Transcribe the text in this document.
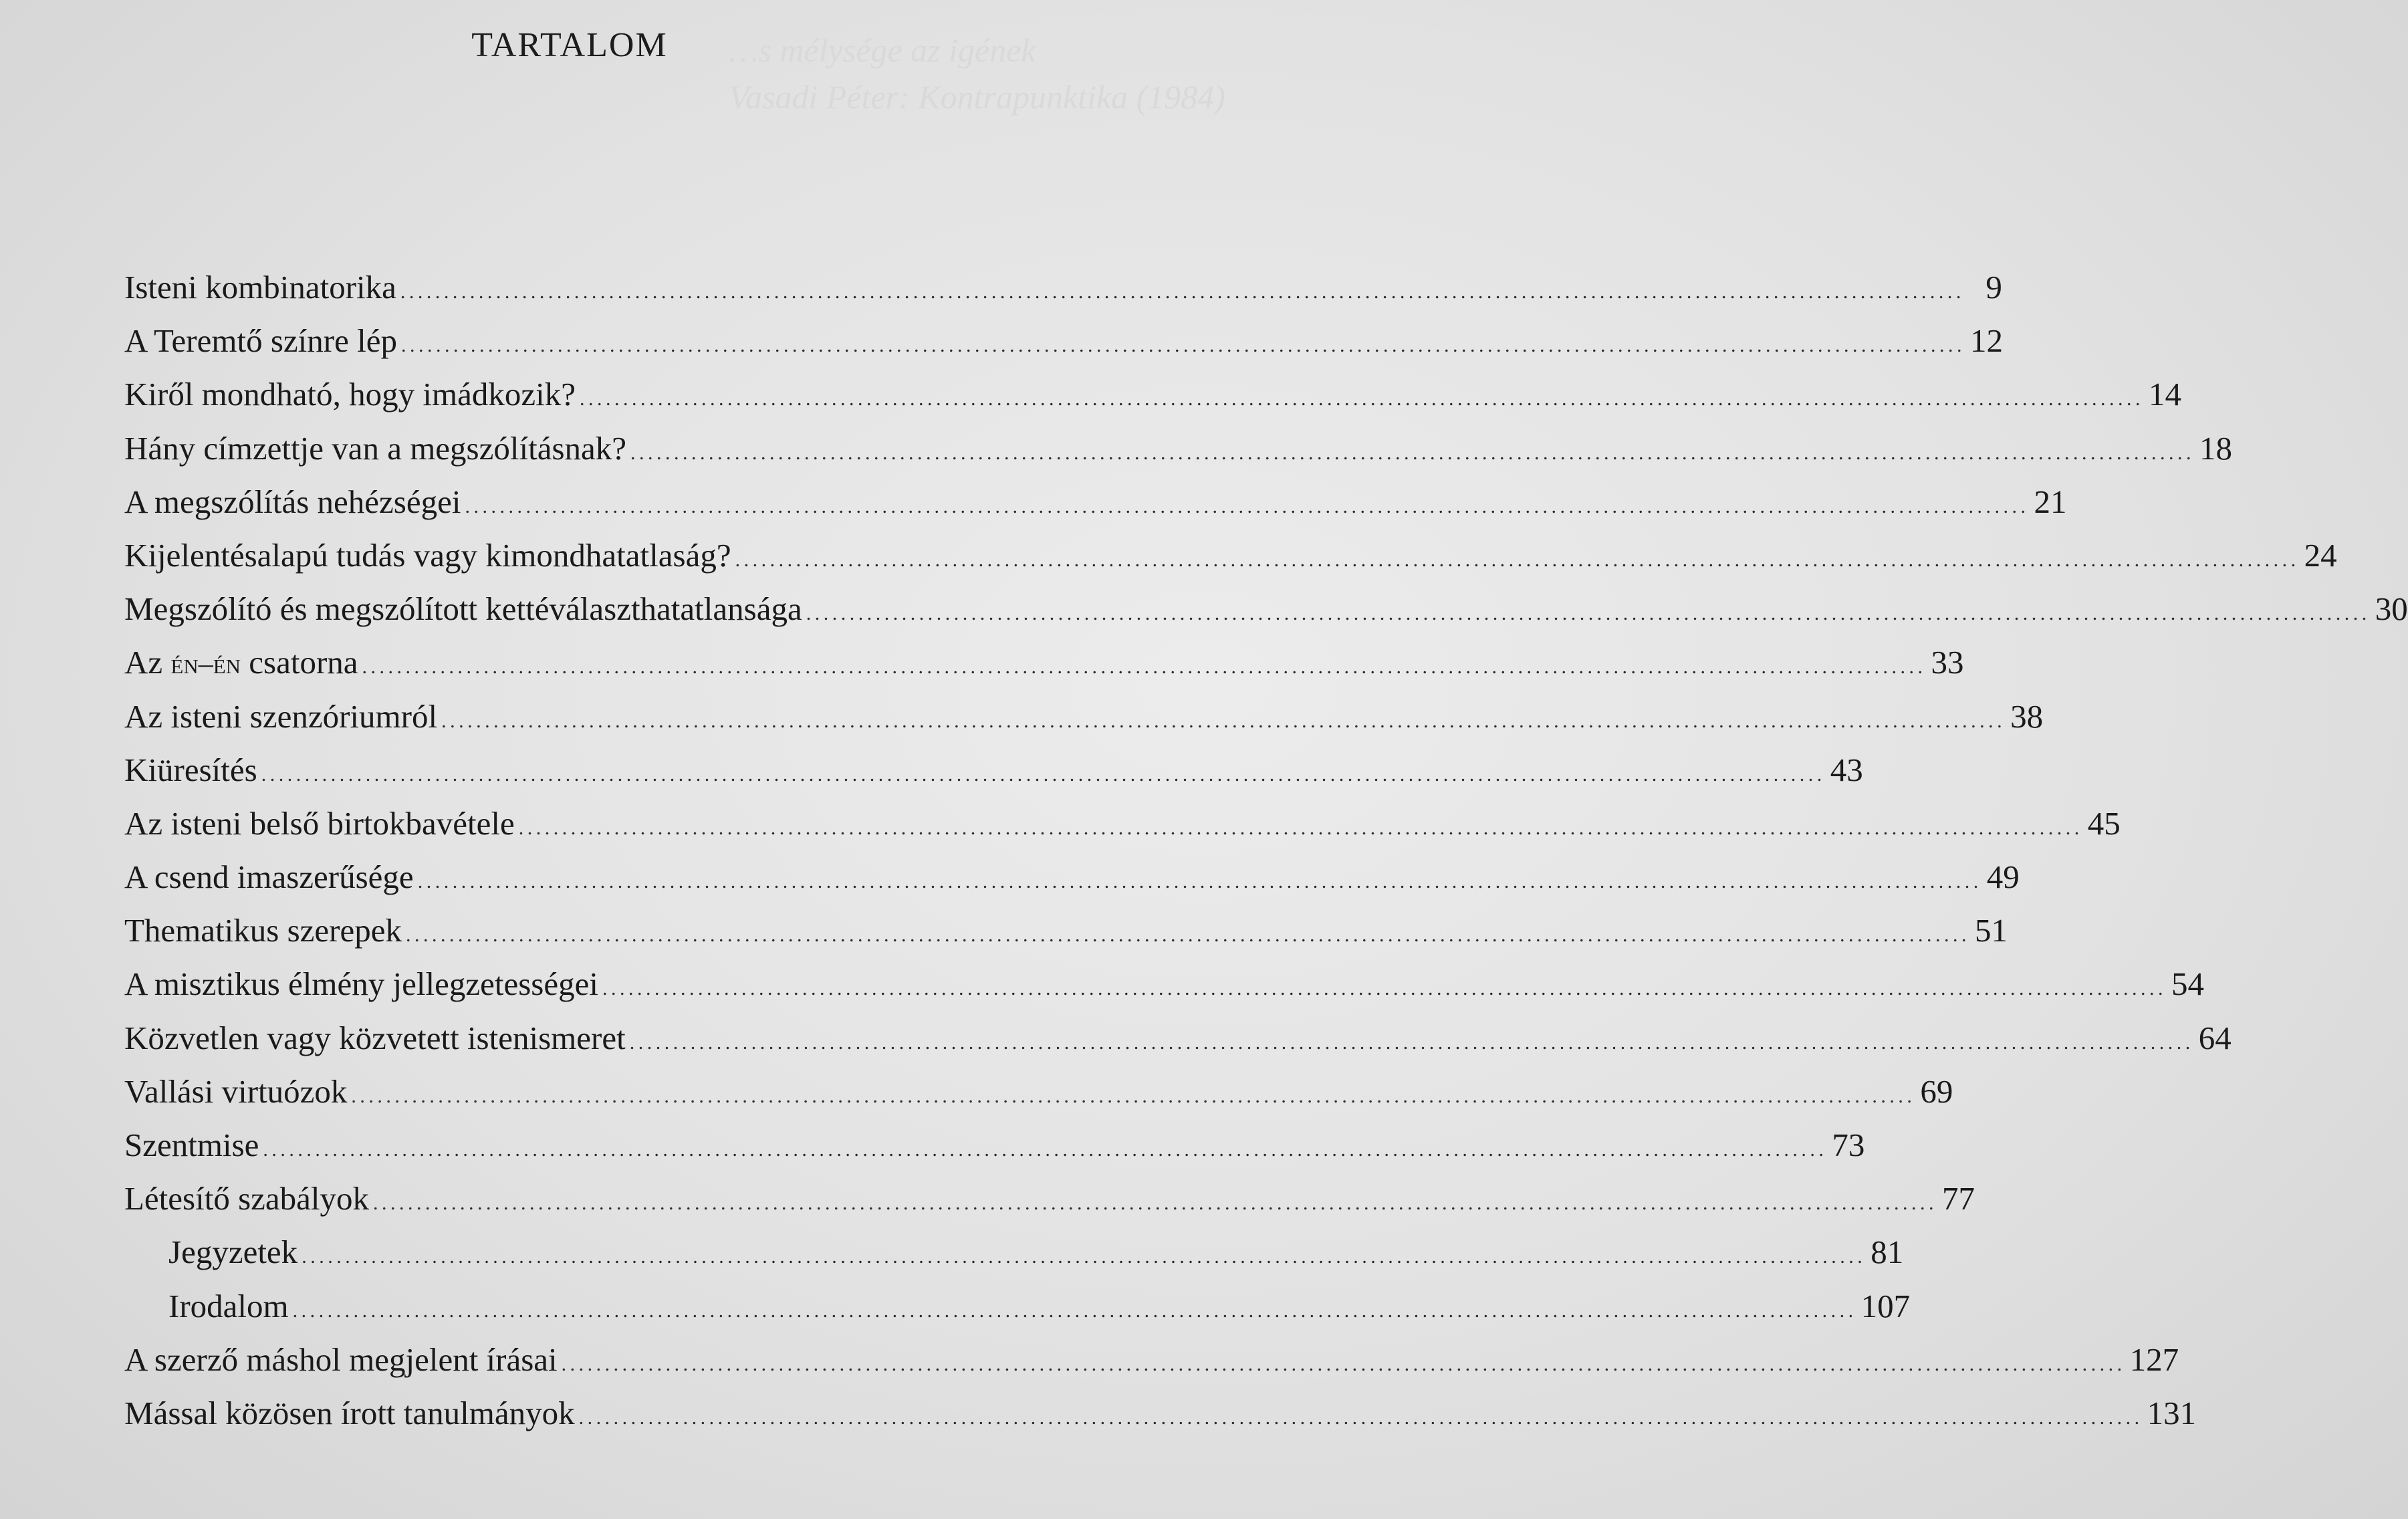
…s mélysége az igének
Vasadi Péter: Kontrapunktika (1984)
TARTALOM
Isteni kombinatorika .....	9
A Teremtő színre lép .....	12
Kiről mondható, hogy imádkozik? .....	14
Hány címzettje van a megszólításnak? .....	18
A megszólítás nehézségei .....	21
Kijelentésalapú tudás vagy kimondhatatlaság? .....	24
Megszólító és megszólított kettéválaszthatatlansága .....	30
Az én–én csatorna .....	33
Az isteni szenzóriumról .....	38
Kiüresítés .....	43
Az isteni belső birtokbavétele .....	45
A csend imaszerűsége .....	49
Thematikus szerepek .....	51
A misztikus élmény jellegzetességei .....	54
Közvetlen vagy közvetett istenismeret .....	64
Vallási virtuózok .....	69
Szentmise .....	73
Létesítő szabályok .....	77
Jegyzetek .....	81
Irodalom .....	107
A szerző máshol megjelent írásai .....	127
Mással közösen írott tanulmányok .....	131
